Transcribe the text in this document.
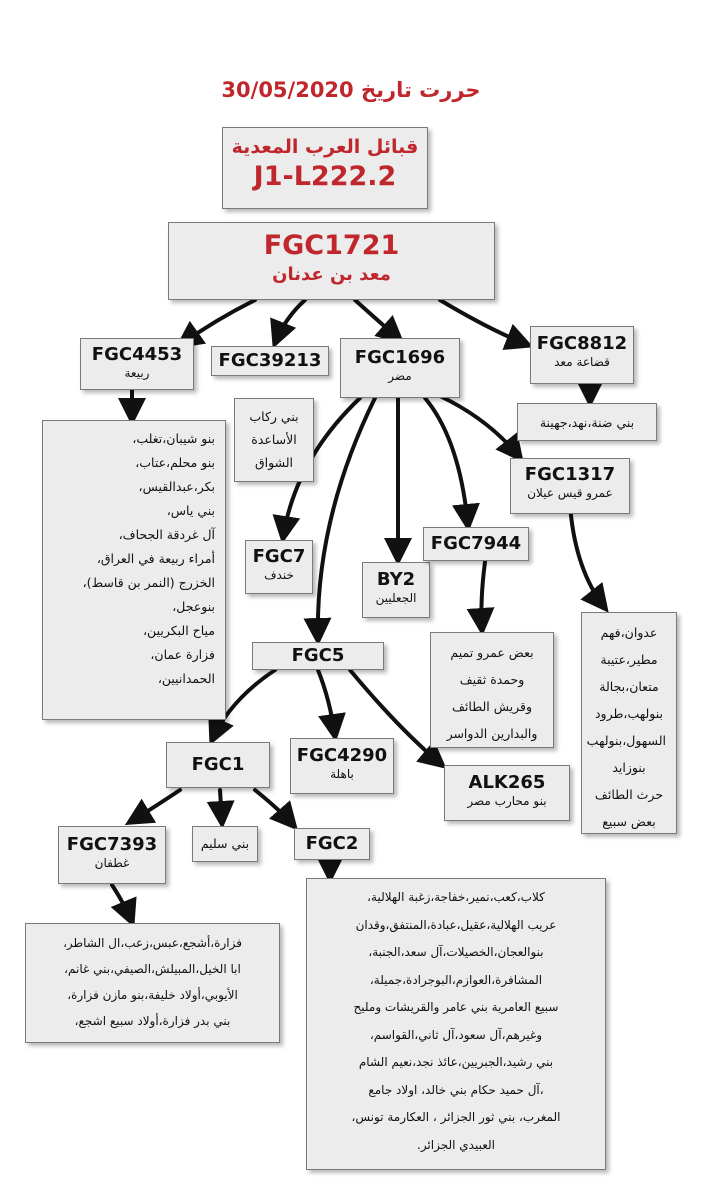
حررت تاريخ 30/05/2020
قبائل العرب المعدية
J1-L222.2
FGC1721
معد بن عدنان
FGC4453
ربيعة
FGC39213	FGC1696
مضر
FGC8812
قضاعة معد
بنو شيبان،تغلب،
بنو محلم،عتاب،
بكر،عبدالقيس،
بني ياس،
آل غردقة الجحاف،
أمراء ربيعة في العراق،
الخزرج (النمر بن قاسط)،
بنوعجل،
مياح البكريين،
فزارة عمان،
الحمدانيين،
بني ركاب
الأساعدة
الشواق
بني ضنة،نهد،جهينة
FGC1317
عمرو قيس عيلان
FGC7
خندف	BY2
الجعليين
FGC7944
بعض عمرو تميم
وحمدة ثقيف
وقريش الطائف
والبدارين الدواسر
عدوان،فهم
مطير،عتيبة
متعان،بجالة
بنولهب،طرود
السهول،بنولهب
بنوزايد
حرث الطائف
بعض سبيع
FGC5
FGC1	FGC4290
باهلة	ALK265
بنو محارب مصر
FGC7393
غطفان
بني سليم	FGC2
فزارة،أشجع،عبس،زعب،ال الشاطر،
ابا الخيل،المبيلش،الصيفي،بني غانم،
الأيوبي،أولاد خليفة،بنو مازن فزارة،
بني بدر فزارة،أولاد سبيع اشجع،
كلاب،كعب،نمير،خفاجة،زغبة الهلالية،
عريب الهلالية،عقيل،عبادة،المنتفق،وقدان
بنوالعجان،الخصيلات،آل سعد،الجنبة،
المشافرة،العوازم،البوجرادة،جميلة،
سبيع العامرية بني عامر والقريشات ومليح
وغيرهم،آل سعود،آل ثاني،القواسم،
بني رشيد،الجبريين،عائذ نجد،نعيم الشام
،آل حميد حكام بني خالد، اولاد جامع
المغرب، بني ثور الجزائر ، العكارمة تونس،
العبيدي الجزائر.
